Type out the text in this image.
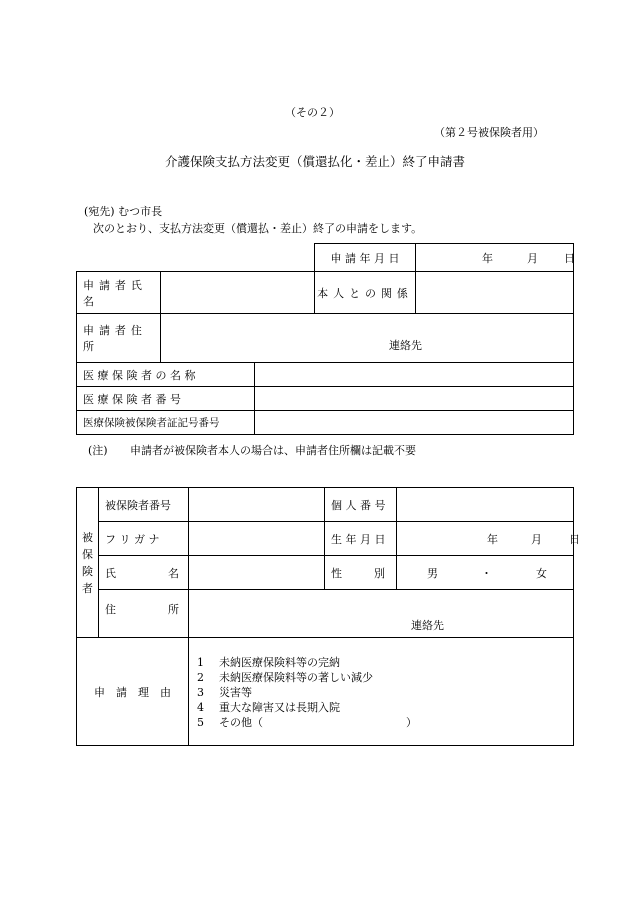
（その２）
（第２号被保険者用）
介護保険支払方法変更（償還払化・差止）終了申請書
(宛先) むつ市長
次のとおり、支払方法変更（償還払・差止）終了の申請をします。
			申 請 年 月 日	年 月 日
申請者氏名			本人との関係	
申請者住所	連絡先			
医 療 保 険 者 の 名 称				
医 療 保 険 者 番 号				
医療保険被保険者証記号番号				
(注) 申請者が被保険者本人の場合は、申請者住所欄は記載不要
被
保
険
者	被保険者番号		個 人 番 号	
	フ リ ガ ナ		生 年 月 日	年 月 日
	氏 名		性 別	男 ・ 女
	住 所	連絡先		
申　請　理　由		1 未納医療保険料等の完納
2 未納医療保険料等の著しい減少
3 災害等
4 重大な障害又は長期入院
5 その他（　　　　　　　　　　　　　）		
